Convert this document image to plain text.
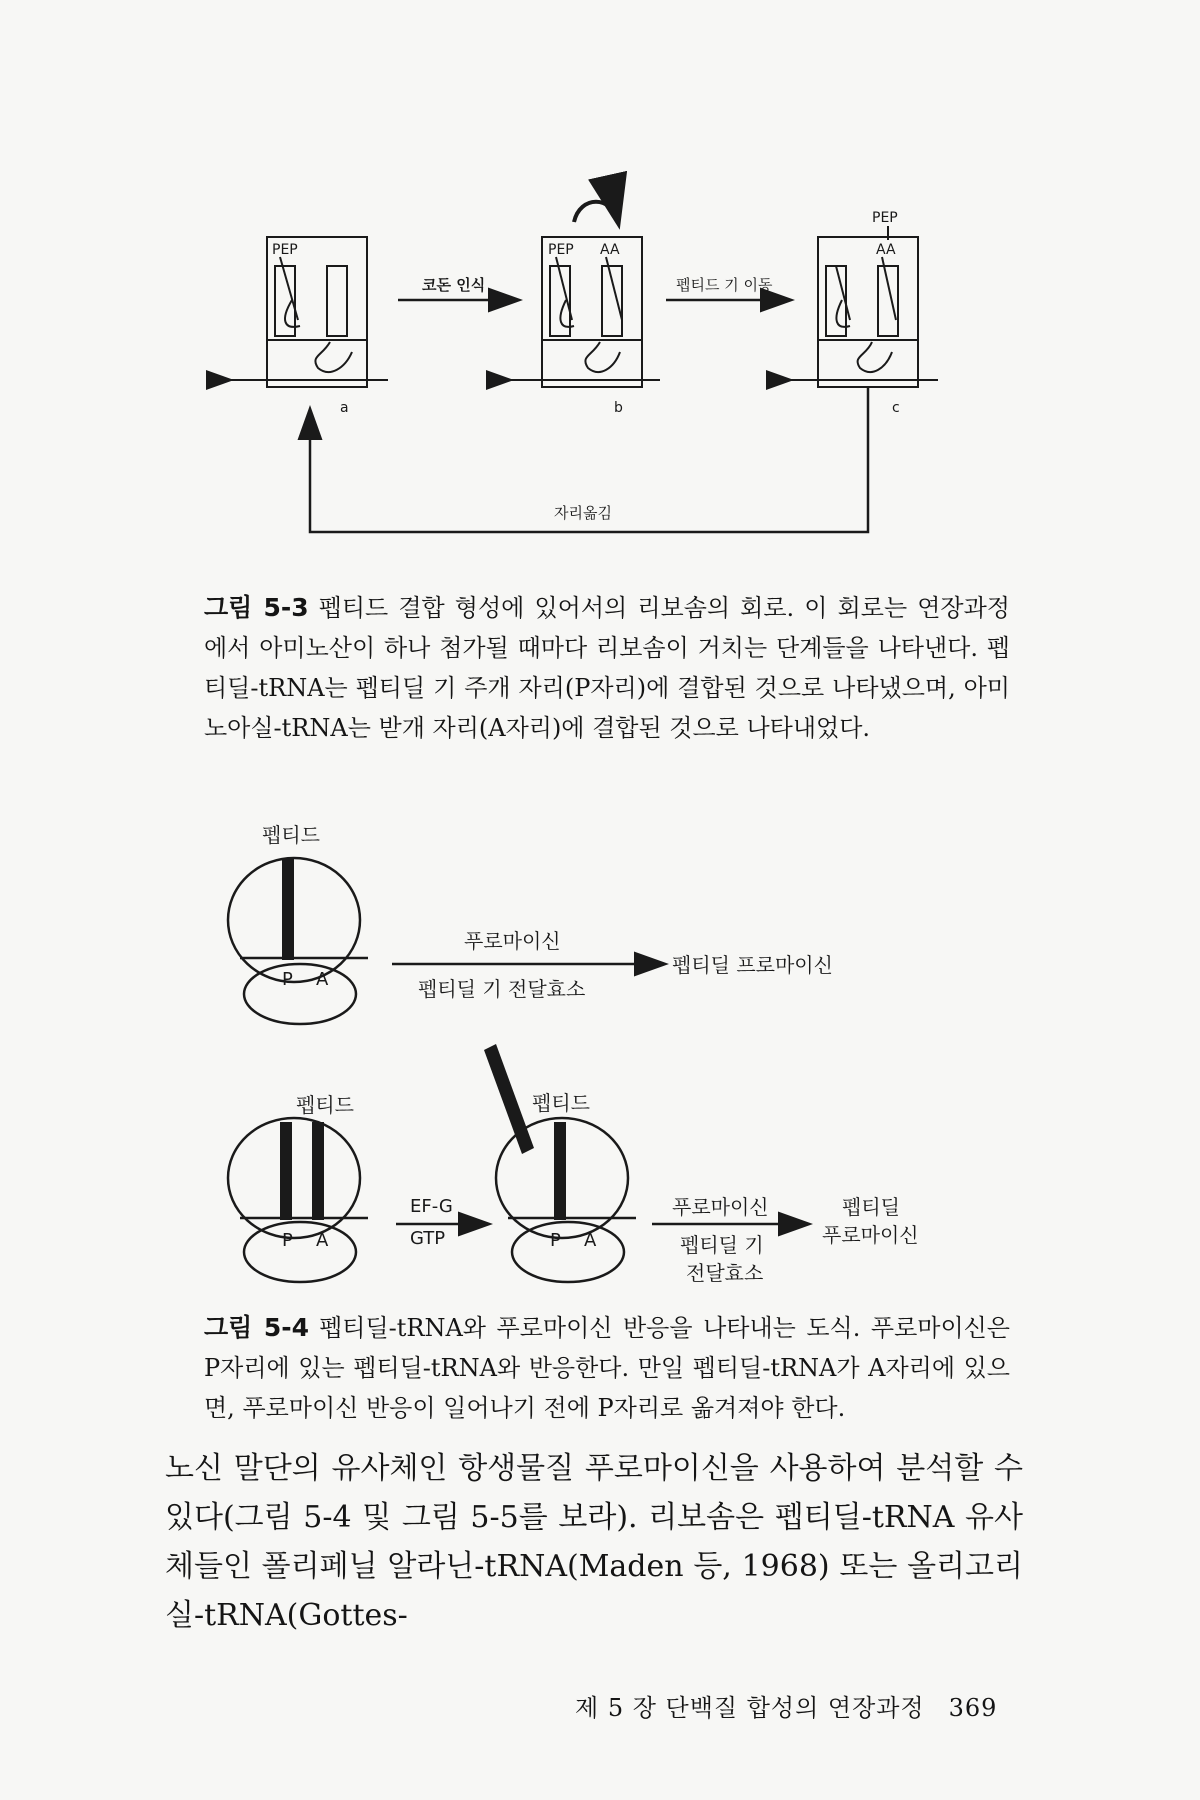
PEP
a
코돈 인식
PEP AA
b
펩티드 기 이동
PEP
AA
c
자리옮김

그림 5-3 펩티드 결합 형성에 있어서의 리보솜의 회로. 이 회로는 연장과정에서 아미노산이 하나 첨가될 때마다 리보솜이 거치는 단계들을 나타낸다. 펩티딜-tRNA는 펩티딜 기 주개 자리(P자리)에 결합된 것으로 나타냈으며, 아미노아실-tRNA는 받개 자리(A자리)에 결합된 것으로 나타내었다.

펩티드
P A
푸로마이신
펩티딜 기 전달효소
펩티딜 프로마이신
펩티드
P A
EF-G
GTP
펩티드
P A
푸로마이신
펩티딜 기
전달효소
펩티딜
푸로마이신

그림 5-4 펩티딜-tRNA와 푸로마이신 반응을 나타내는 도식. 푸로마이신은 P자리에 있는 펩티딜-tRNA와 반응한다. 만일 펩티딜-tRNA가 A자리에 있으면, 푸로마이신 반응이 일어나기 전에 P자리로 옮겨져야 한다.

노신 말단의 유사체인 항생물질 푸로마이신을 사용하여 분석할 수 있다(그림 5-4 및 그림 5-5를 보라). 리보솜은 펩티딜-tRNA 유사체들인 폴리페닐 알라닌-tRNA(Maden 등, 1968) 또는 올리고리실-tRNA(Gottes-

제 5 장 단백질 합성의 연장과정 369
